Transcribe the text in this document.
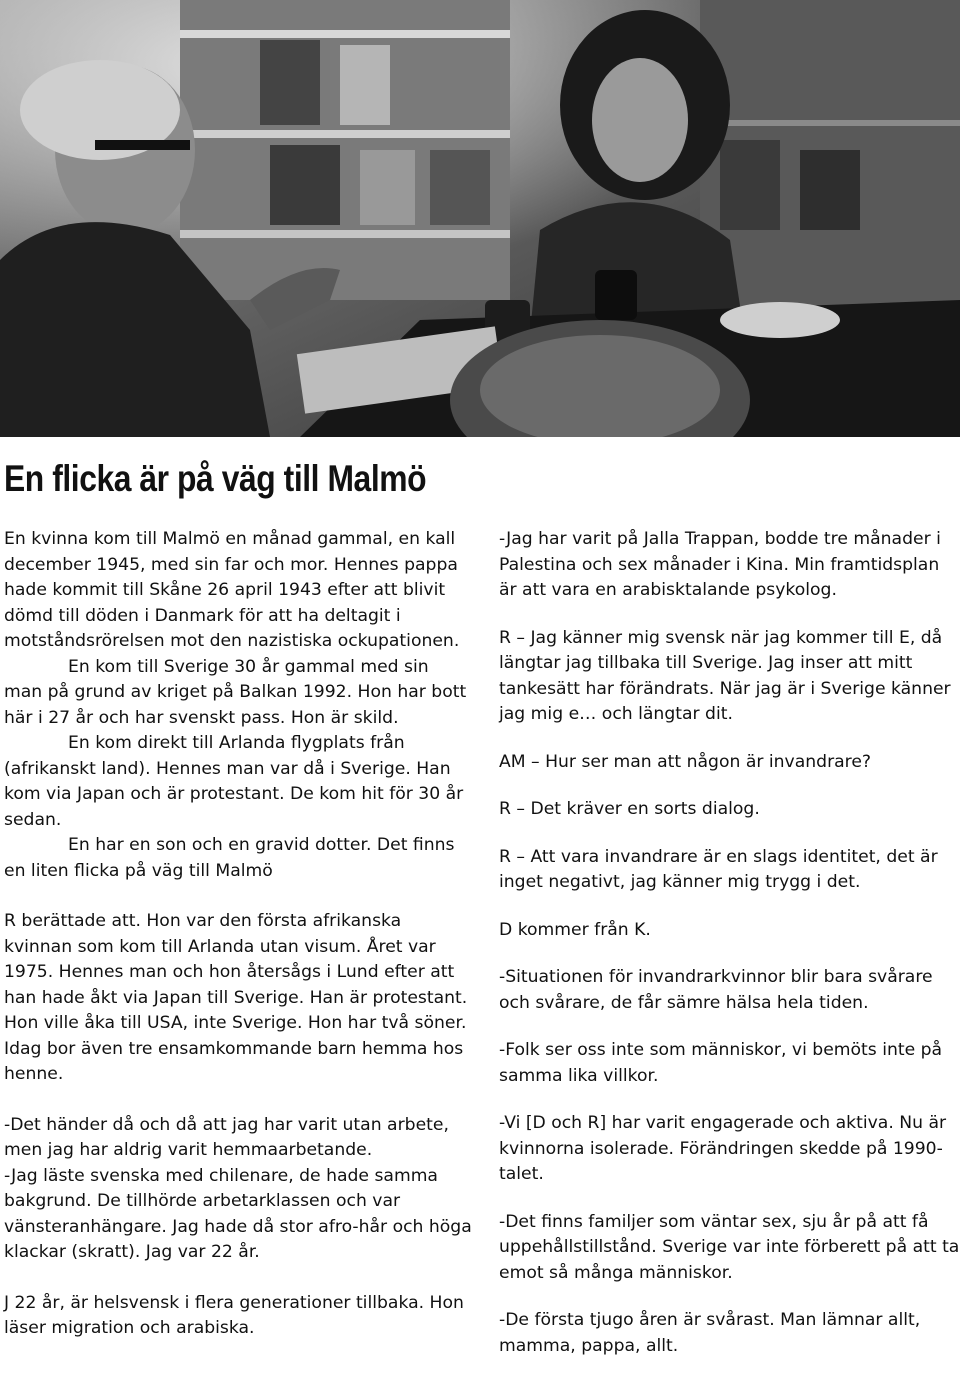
En flicka är på väg till Malmö

En kvinna kom till Malmö en månad gammal, en kall december 1945, med sin far och mor. Hennes pappa hade kommit till Skåne 26 april 1943 efter att blivit dömd till döden i Danmark för att ha deltagit i motståndsrörelsen mot den nazistiska ockupationen.

En kom till Sverige 30 år gammal med sin man på grund av kriget på Balkan 1992. Hon har bott här i 27 år och har svenskt pass. Hon är skild.

En kom direkt till Arlanda flygplats från (afrikanskt land). Hennes man var då i Sverige. Han kom via Japan och är protestant. De kom hit för 30 år sedan.

En har en son och en gravid dotter. Det finns en liten flicka på väg till Malmö

R berättade att. Hon var den första afrikanska kvinnan som kom till Arlanda utan visum. Året var 1975. Hennes man och hon återsågs i Lund efter att han hade åkt via Japan till Sverige. Han är protestant. Hon ville åka till USA, inte Sverige. Hon har två söner. Idag bor även tre ensamkommande barn hemma hos henne.

-Det händer då och då att jag har varit utan arbete, men jag har aldrig varit hemmaarbetande.

-Jag läste svenska med chilenare, de hade samma bakgrund. De tillhörde arbetarklassen och var vänsteranhängare. Jag hade då stor afro-hår och höga klackar (skratt). Jag var 22 år.

J 22 år, är helsvensk i flera generationer tillbaka. Hon läser migration och arabiska.

-Jag har varit på Jalla Trappan, bodde tre månader i Palestina och sex månader i Kina. Min framtidsplan är att vara en arabisktalande psykolog.

R – Jag känner mig svensk när jag kommer till E, då längtar jag tillbaka till Sverige. Jag inser att mitt tankesätt har förändrats. När jag är i Sverige känner jag mig e… och längtar dit.

AM – Hur ser man att någon är invandrare?

R – Det kräver en sorts dialog.

R – Att vara invandrare är en slags identitet, det är inget negativt, jag känner mig trygg i det.

D kommer från K.

-Situationen för invandrarkvinnor blir bara svårare och svårare, de får sämre hälsa hela tiden.

-Folk ser oss inte som människor, vi bemöts inte på samma lika villkor.

-Vi [D och R] har varit engagerade och aktiva. Nu är kvinnorna isolerade. Förändringen skedde på 1990-talet.

-Det finns familjer som väntar sex, sju år på att få uppehållstillstånd. Sverige var inte förberett på att ta emot så många människor.

-De första tjugo åren är svårast. Man lämnar allt, mamma, pappa, allt.
